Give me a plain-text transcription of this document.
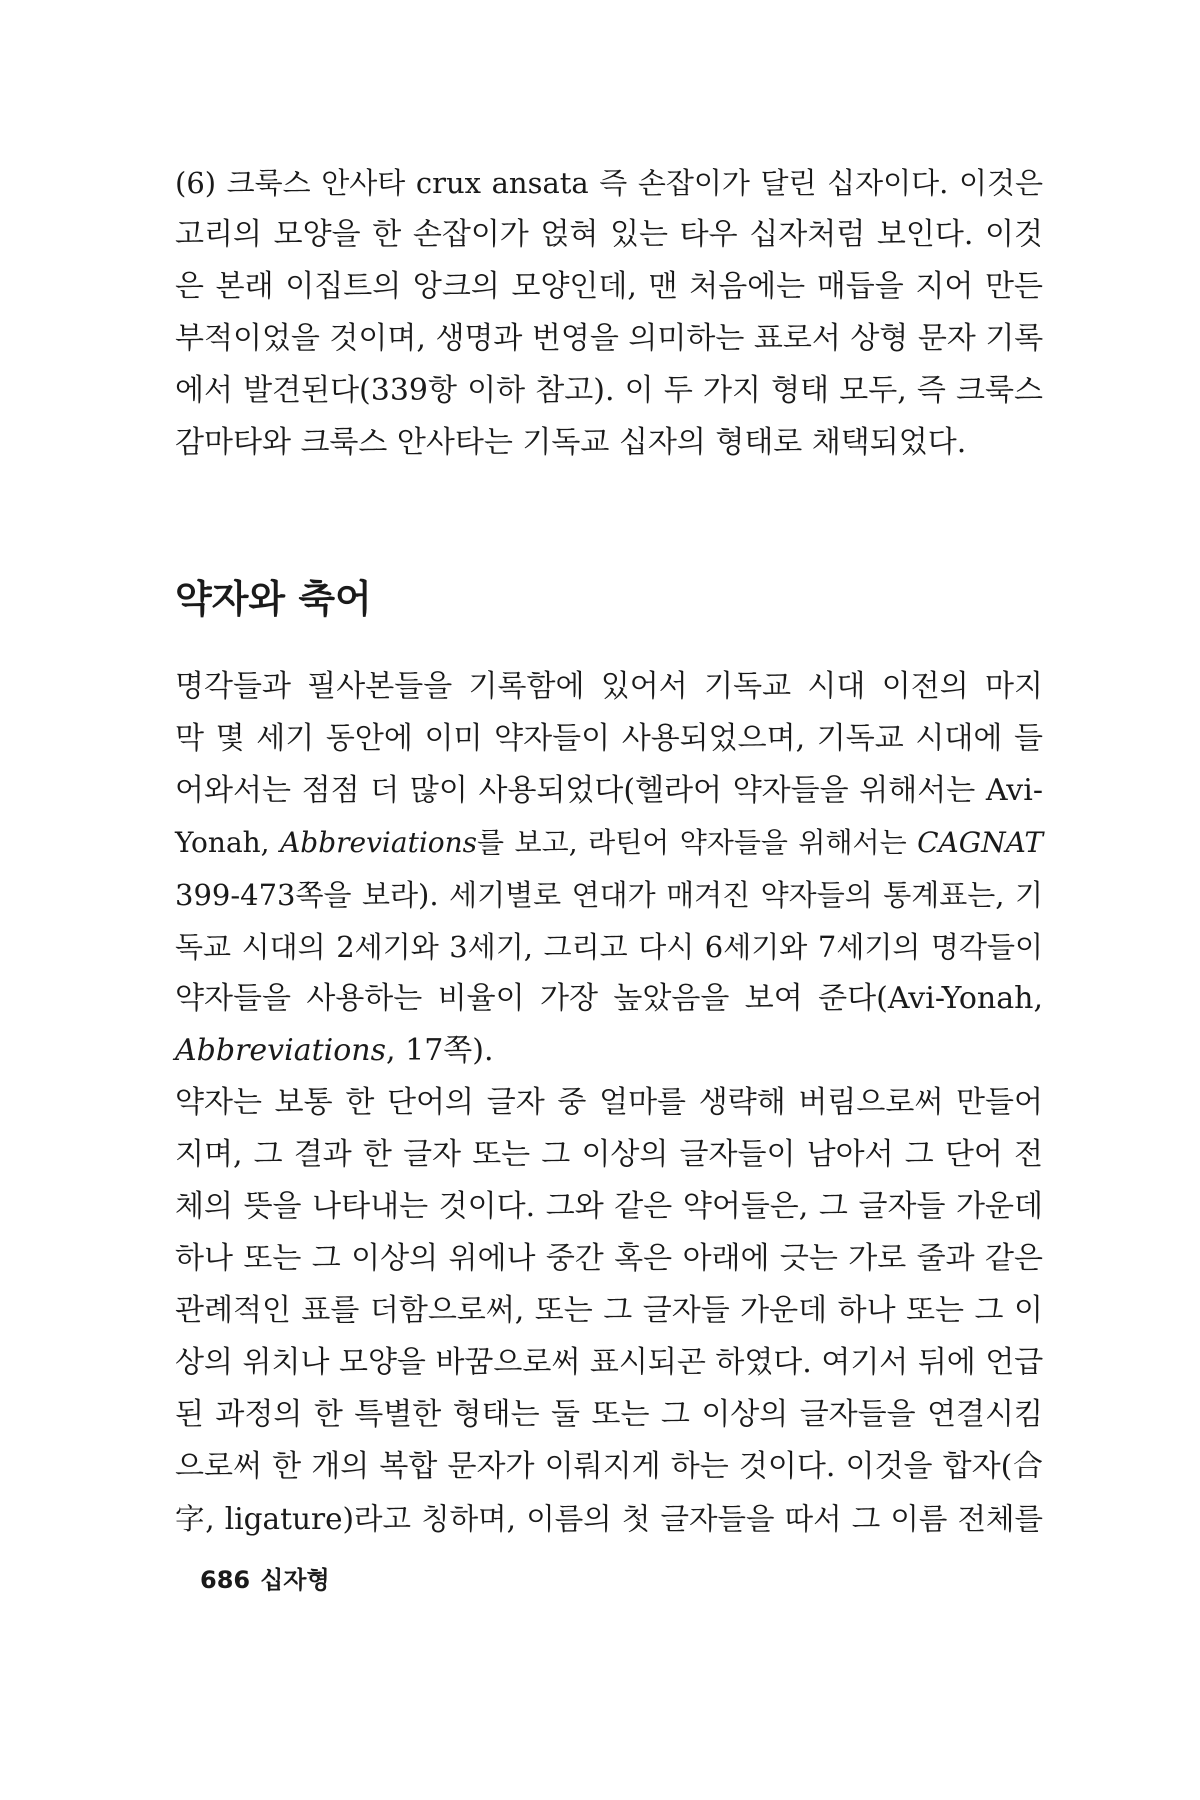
(6) 크룩스 안사타 crux ansata 즉 손잡이가 달린 십자이다. 이것은
고리의 모양을 한 손잡이가 얹혀 있는 타우 십자처럼 보인다. 이것
은 본래 이집트의 앙크의 모양인데, 맨 처음에는 매듭을 지어 만든
부적이었을 것이며, 생명과 번영을 의미하는 표로서 상형 문자 기록
에서 발견된다(339항 이하 참고). 이 두 가지 형태 모두, 즉 크룩스
감마타와 크룩스 안사타는 기독교 십자의 형태로 채택되었다.
약자와 축어
명각들과 필사본들을 기록함에 있어서 기독교 시대 이전의 마지
막 몇 세기 동안에 이미 약자들이 사용되었으며, 기독교 시대에 들
어와서는 점점 더 많이 사용되었다(헬라어 약자들을 위해서는 Avi-
Yonah, Abbreviations를 보고, 라틴어 약자들을 위해서는 CAGNAT
399-473쪽을 보라). 세기별로 연대가 매겨진 약자들의 통계표는, 기
독교 시대의 2세기와 3세기, 그리고 다시 6세기와 7세기의 명각들이
약자들을 사용하는 비율이 가장 높았음을 보여 준다(Avi-Yonah,
Abbreviations, 17쪽).
약자는 보통 한 단어의 글자 중 얼마를 생략해 버림으로써 만들어
지며, 그 결과 한 글자 또는 그 이상의 글자들이 남아서 그 단어 전
체의 뜻을 나타내는 것이다. 그와 같은 약어들은, 그 글자들 가운데
하나 또는 그 이상의 위에나 중간 혹은 아래에 긋는 가로 줄과 같은
관례적인 표를 더함으로써, 또는 그 글자들 가운데 하나 또는 그 이
상의 위치나 모양을 바꿈으로써 표시되곤 하였다. 여기서 뒤에 언급
된 과정의 한 특별한 형태는 둘 또는 그 이상의 글자들을 연결시킴
으로써 한 개의 복합 문자가 이뤄지게 하는 것이다. 이것을 합자(合
字, ligature)라고 칭하며, 이름의 첫 글자들을 따서 그 이름 전체를
686 십자형
